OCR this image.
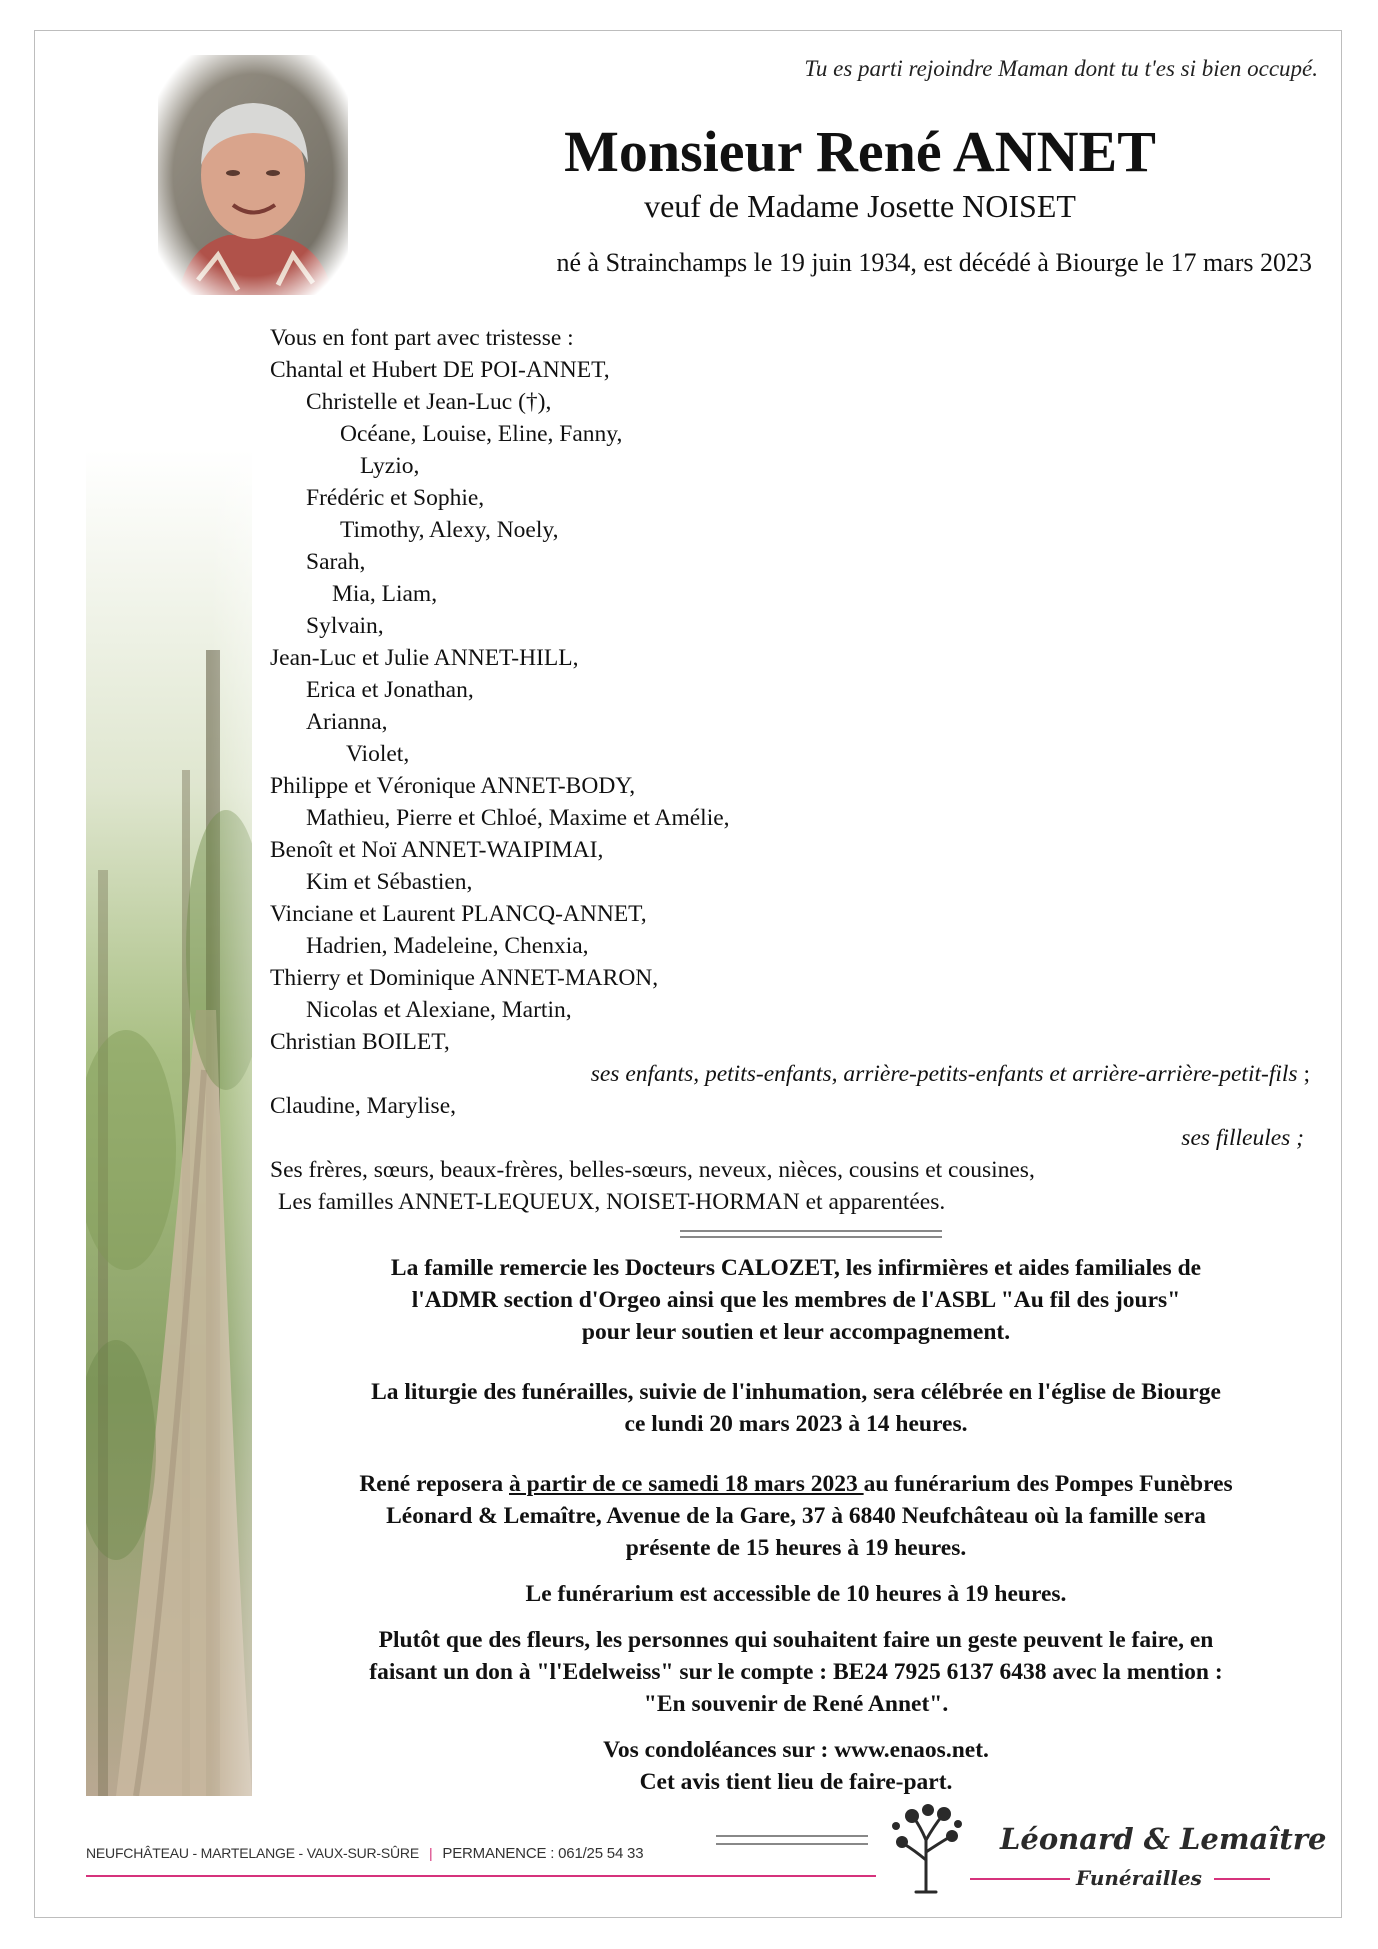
Tu es parti rejoindre Maman dont tu t'es si bien occupé.
Monsieur René ANNET
veuf de Madame Josette NOISET
né à Strainchamps le 19 juin 1934, est décédé à Biourge le 17 mars 2023
Vous en font part avec tristesse :
Chantal et Hubert DE POI-ANNET,
Christelle et Jean-Luc (†),
Océane, Louise, Eline, Fanny,
Lyzio,
Frédéric et Sophie,
Timothy, Alexy, Noely,
Sarah,
Mia, Liam,
Sylvain,
Jean-Luc et Julie ANNET-HILL,
Erica et Jonathan,
Arianna,
Violet,
Philippe et Véronique ANNET-BODY,
Mathieu, Pierre et Chloé, Maxime et Amélie,
Benoît et Noï ANNET-WAIPIMAI,
Kim et Sébastien,
Vinciane et Laurent PLANCQ-ANNET,
Hadrien, Madeleine, Chenxia,
Thierry et Dominique ANNET-MARON,
Nicolas et Alexiane, Martin,
Christian BOILET,
ses enfants, petits-enfants, arrière-petits-enfants et arrière-arrière-petit-fils ;
Claudine, Marylise,
ses filleules ;
Ses frères, sœurs, beaux-frères, belles-sœurs, neveux, nièces, cousins et cousines,
Les familles ANNET-LEQUEUX, NOISET-HORMAN et apparentées.

La famille remercie les Docteurs CALOZET, les infirmières et aides familiales de
l'ADMR section d'Orgeo ainsi que les membres de l'ASBL "Au fil des jours"
pour leur soutien et leur accompagnement.

La liturgie des funérailles, suivie de l'inhumation, sera célébrée en l'église de Biourge
ce lundi 20 mars 2023 à 14 heures.

René reposera à partir de ce samedi 18 mars 2023 au funérarium des Pompes Funèbres
Léonard & Lemaître, Avenue de la Gare, 37 à 6840 Neufchâteau où la famille sera
présente de 15 heures à 19 heures.

Le funérarium est accessible de 10 heures à 19 heures.

Plutôt que des fleurs, les personnes qui souhaitent faire un geste peuvent le faire, en
faisant un don à "l'Edelweiss" sur le compte : BE24 7925 6137 6438 avec la mention :
"En souvenir de René Annet".

Vos condoléances sur : www.enaos.net.
Cet avis tient lieu de faire-part.

NEUFCHÂTEAU - MARTELANGE - VAUX-SUR-SÛRE | PERMANENCE : 061/25 54 33	Léonard & Lemaître
Funérailles
